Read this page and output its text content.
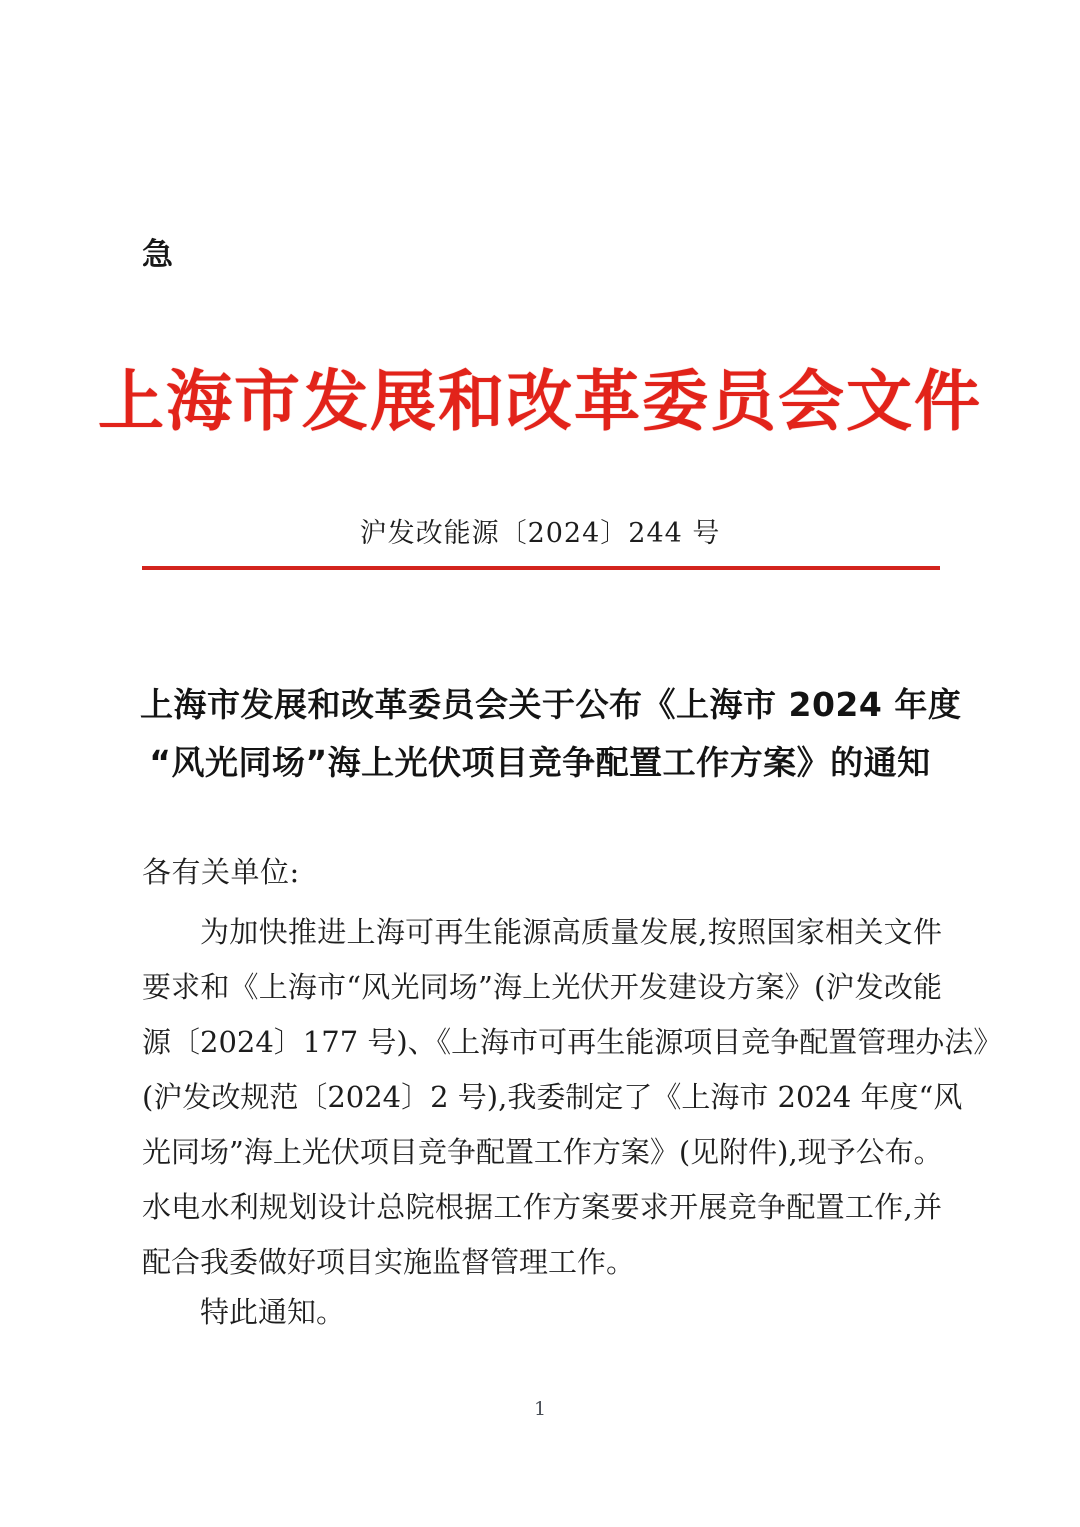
急
上海市发展和改革委员会文件
沪发改能源〔2024〕244 号
上海市发展和改革委员会关于公布《上海市 2024 年度
“风光同场”海上光伏项目竞争配置工作方案》的通知
各有关单位:
为加快推进上海可再生能源高质量发展,按照国家相关文件
要求和《上海市“风光同场”海上光伏开发建设方案》(沪发改能
源〔2024〕177 号)、《上海市可再生能源项目竞争配置管理办法》
(沪发改规范〔2024〕2 号),我委制定了《上海市 2024 年度“风
光同场”海上光伏项目竞争配置工作方案》(见附件),现予公布。
水电水利规划设计总院根据工作方案要求开展竞争配置工作,并
配合我委做好项目实施监督管理工作。
特此通知。
1
